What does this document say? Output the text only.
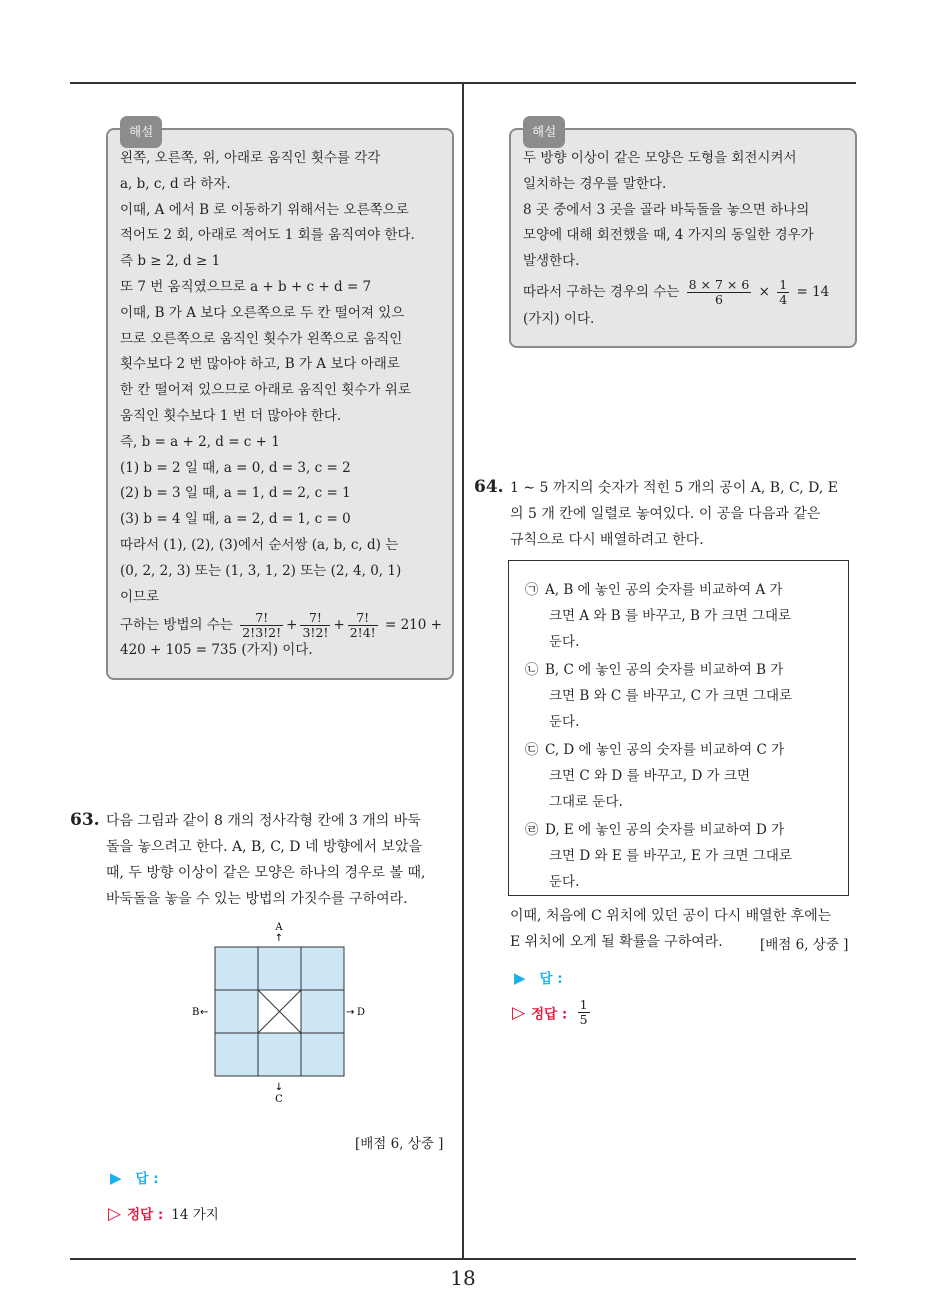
18
해설

왼쪽, 오른쪽, 위, 아래로 움직인 횟수를 각각

a, b, c, d 라 하자.

이때, A 에서 B 로 이동하기 위해서는 오른쪽으로

적어도 2 회, 아래로 적어도 1 회를 움직여야 한다.

즉 b ≥ 2, d ≥ 1

또 7 번 움직였으므로 a + b + c + d = 7

이때, B 가 A 보다 오른쪽으로 두 칸 떨어져 있으

므로 오른쪽으로 움직인 횟수가 왼쪽으로 움직인

횟수보다 2 번 많아야 하고, B 가 A 보다 아래로

한 칸 떨어져 있으므로 아래로 움직인 횟수가 위로

움직인 횟수보다 1 번 더 많아야 한다.

즉, b = a + 2, d = c + 1

(1) b = 2 일 때, a = 0, d = 3, c = 2

(2) b = 3 일 때, a = 1, d = 2, c = 1

(3) b = 4 일 때, a = 2, d = 1, c = 0

따라서 (1), (2), (3)에서 순서쌍 (a, b, c, d) 는

(0, 2, 2, 3) 또는 (1, 3, 1, 2) 또는 (2, 4, 0, 1)

이므로

구하는 방법의 수는 $\frac{7!}{2!3!2!} + \frac{7!}{3!2!} + \frac{7!}{2!4!} = 210$ +

420 + 105 = 735 (가지) 이다.

해설

두 방향 이상이 같은 모양은 도형을 회전시켜서

일치하는 경우를 말한다.

8 곳 중에서 3 곳을 골라 바둑돌을 놓으면 하나의

모양에 대해 회전했을 때, 4 가지의 동일한 경우가

발생한다.

따라서 구하는 경우의 수는 $\frac{8 \times 7 \times 6}{6} \times \frac{1}{4} = 14$

(가지) 이다.

63. 다음 그림과 같이 8 개의 정사각형 칸에 3 개의 바둑

돌을 놓으려고 한다. A, B, C, D 네 방향에서 보았을

때, 두 방향 이상이 같은 모양은 하나의 경우로 볼 때,

바둑돌을 놓을 수 있는 방법의 가짓수를 구하여라.

A
↑
B ←	→ D
↓
C
[배점 6, 상중 ]
▶ 답 :
▷ 정답 : 14 가지
64. 1 ∼ 5 까지의 숫자가 적힌 5 개의 공이 A, B, C, D, E

의 5 개 칸에 일렬로 놓여있다. 이 공을 다음과 같은

규칙으로 다시 배열하려고 한다.

㉠ A, B 에 놓인 공의 숫자를 비교하여 A 가

크면 A 와 B 를 바꾸고, B 가 크면 그대로

둔다.

㉡ B, C 에 놓인 공의 숫자를 비교하여 B 가

크면 B 와 C 를 바꾸고, C 가 크면 그대로

둔다.

㉢ C, D 에 놓인 공의 숫자를 비교하여 C 가

크면 C 와 D 를 바꾸고, D 가 크면

그대로 둔다.

㉣ D, E 에 놓인 공의 숫자를 비교하여 D 가

크면 D 와 E 를 바꾸고, E 가 크면 그대로

둔다.

이때, 처음에 C 위치에 있던 공이 다시 배열한 후에는

E 위치에 오게 될 확률을 구하여라.	[배점 6, 상중 ]
▶ 답 :
▷ 정답 : $\frac{1}{5}$
